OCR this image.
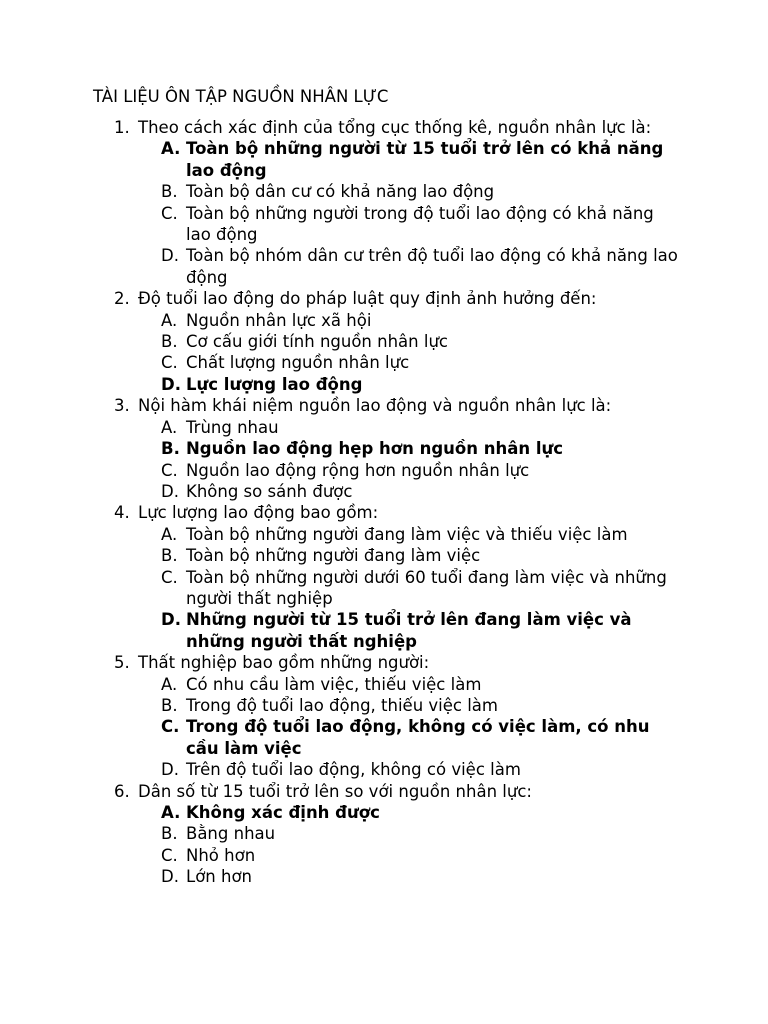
TÀI LIỆU ÔN TẬP NGUỒN NHÂN LỰC
1. Theo cách xác định của tổng cục thống kê, nguồn nhân lực là:
A. Toàn bộ những người từ 15 tuổi trở lên có khả năng lao động
B. Toàn bộ dân cư có khả năng lao động
C. Toàn bộ những người trong độ tuổi lao động có khả năng lao động
D. Toàn bộ nhóm dân cư trên độ tuổi lao động có khả năng lao động
2. Độ tuổi lao động do pháp luật quy định ảnh hưởng đến:
A. Nguồn nhân lực xã hội
B. Cơ cấu giới tính nguồn nhân lực
C. Chất lượng nguồn nhân lực
D. Lực lượng lao động
3. Nội hàm khái niệm nguồn lao động và nguồn nhân lực là:
A. Trùng nhau
B. Nguồn lao động hẹp hơn nguồn nhân lực
C. Nguồn lao động rộng hơn nguồn nhân lực
D. Không so sánh được
4. Lực lượng lao động bao gồm:
A. Toàn bộ những người đang làm việc và thiếu việc làm
B. Toàn bộ những người đang làm việc
C. Toàn bộ những người dưới 60 tuổi đang làm việc và những người thất nghiệp
D. Những người từ 15 tuổi trở lên đang làm việc và những người thất nghiệp
5. Thất nghiệp bao gồm những người:
A. Có nhu cầu làm việc, thiếu việc làm
B. Trong độ tuổi lao động, thiếu việc làm
C. Trong độ tuổi lao động, không có việc làm, có nhu cầu làm việc
D. Trên độ tuổi lao động, không có việc làm
6. Dân số từ 15 tuổi trở lên so với nguồn nhân lực:
A. Không xác định được
B. Bằng nhau
C. Nhỏ hơn
D. Lớn hơn
